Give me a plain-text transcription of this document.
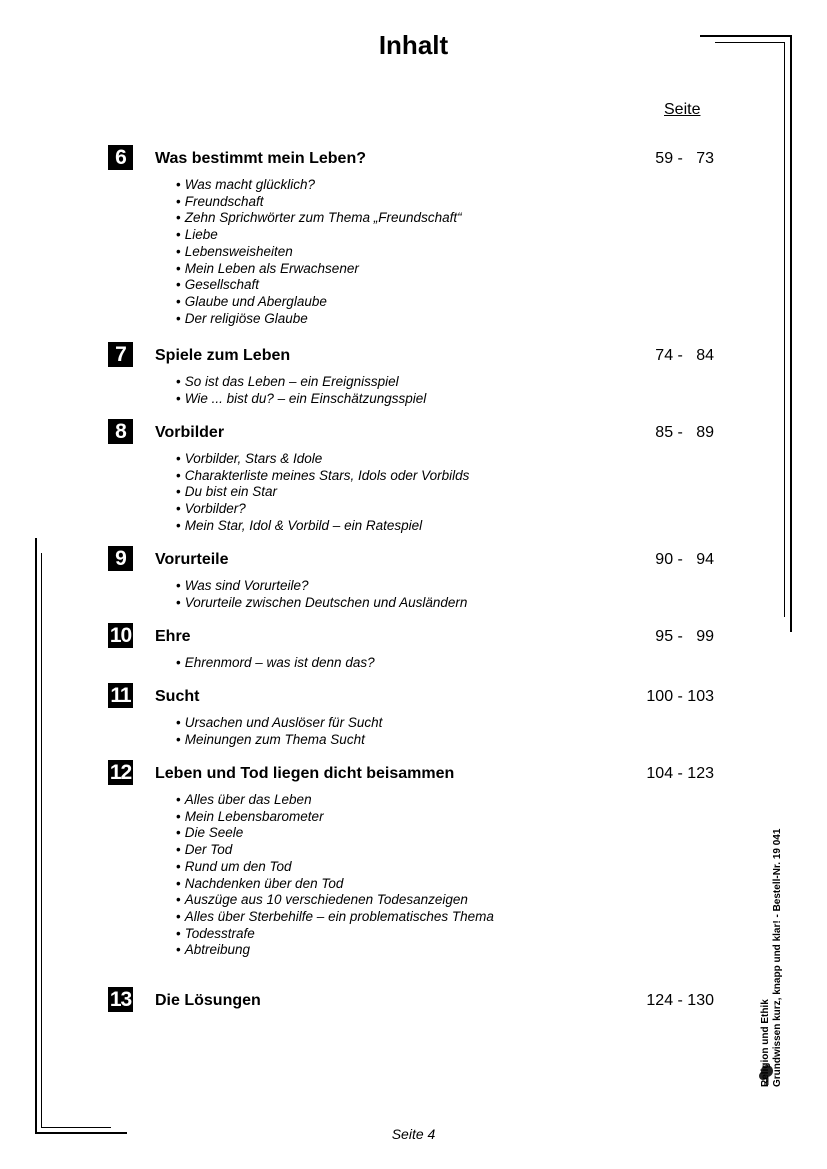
Inhalt
Seite
6	Was bestimmt mein Leben?	59 -   73
• Was macht glücklich?
• Freundschaft
• Zehn Sprichwörter zum Thema „Freundschaft“
• Liebe
• Lebensweisheiten
• Mein Leben als Erwachsener
• Gesellschaft
• Glaube und Aberglaube
• Der religiöse Glaube
7	Spiele zum Leben	74 -   84
• So ist das Leben – ein Ereignisspiel
• Wie ... bist du? – ein Einschätzungsspiel
8	Vorbilder	85 -   89
• Vorbilder, Stars & Idole
• Charakterliste meines Stars, Idols oder Vorbilds
• Du bist ein Star
• Vorbilder?
• Mein Star, Idol & Vorbild – ein Ratespiel
9	Vorurteile	90 -   94
• Was sind Vorurteile?
• Vorurteile zwischen Deutschen und Ausländern
10 Ehre	95 -   99
• Ehrenmord – was ist denn das?
11 Sucht	100 - 103
• Ursachen und Auslöser für Sucht
• Meinungen zum Thema Sucht
12 Leben und Tod liegen dicht beisammen	104 - 123
• Alles über das Leben
• Mein Lebensbarometer
• Die Seele
• Der Tod
• Rund um den Tod
• Nachdenken über den Tod
• Auszüge aus 10 verschiedenen Todesanzeigen
• Alles über Sterbehilfe – ein problematisches Thema
• Todesstrafe
• Abtreibung
13 Die Lösungen	124 - 130
Seite 4
Religion und Ethik Grundwissen kurz, knapp und klar! - Bestell-Nr. 19 041
